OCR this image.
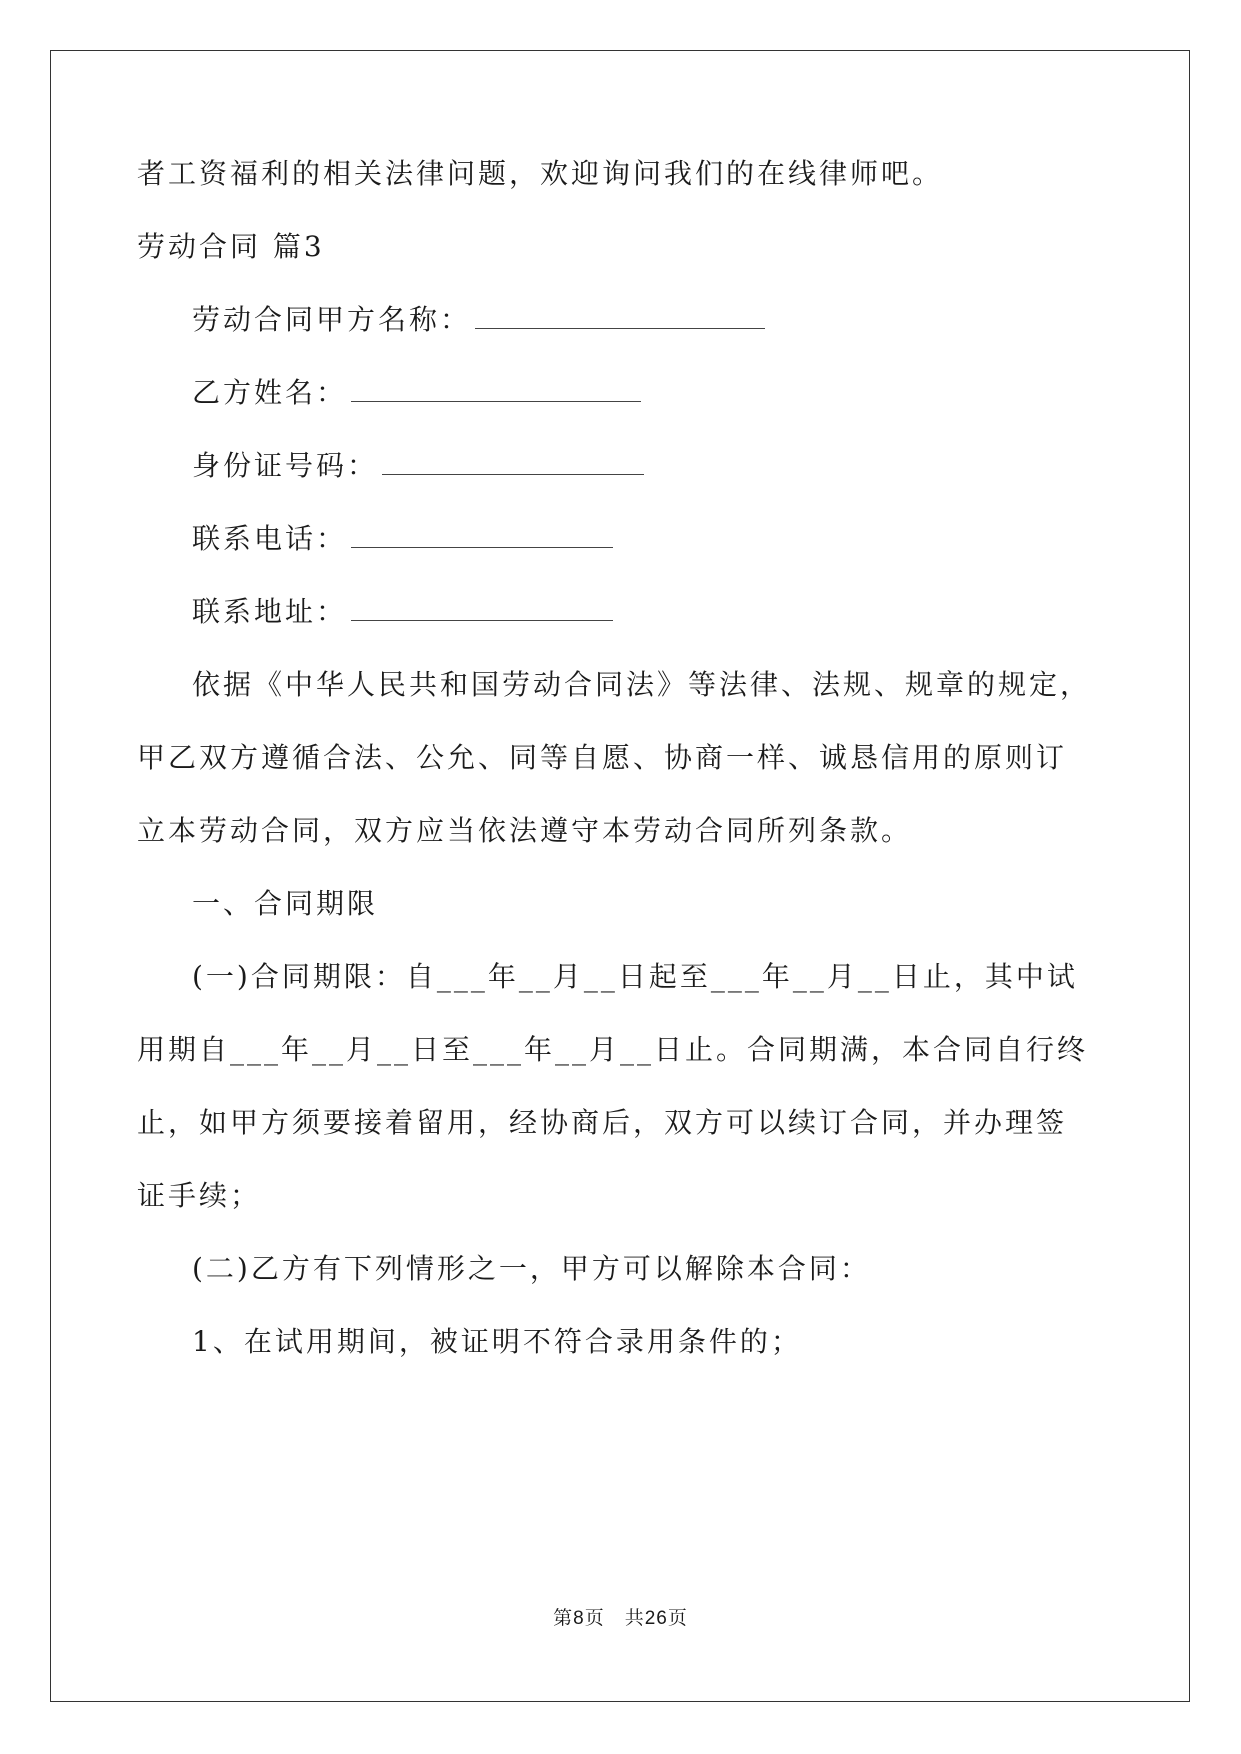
者工资福利的相关法律问题，欢迎询问我们的在线律师吧。
劳动合同 篇3
劳动合同甲方名称：
乙方姓名：
身份证号码：
联系电话：
联系地址：
依据《中华人民共和国劳动合同法》等法律、法规、规章的规定，
甲乙双方遵循合法、公允、同等自愿、协商一样、诚恳信用的原则订
立本劳动合同，双方应当依法遵守本劳动合同所列条款。
一、合同期限
(一)合同期限：自___年__月__日起至___年__月__日止，其中试
用期自___年__月__日至___年__月__日止。合同期满，本合同自行终
止，如甲方须要接着留用，经协商后，双方可以续订合同，并办理签
证手续；
(二)乙方有下列情形之一，甲方可以解除本合同：
1、在试用期间，被证明不符合录用条件的；
第8页　共26页
